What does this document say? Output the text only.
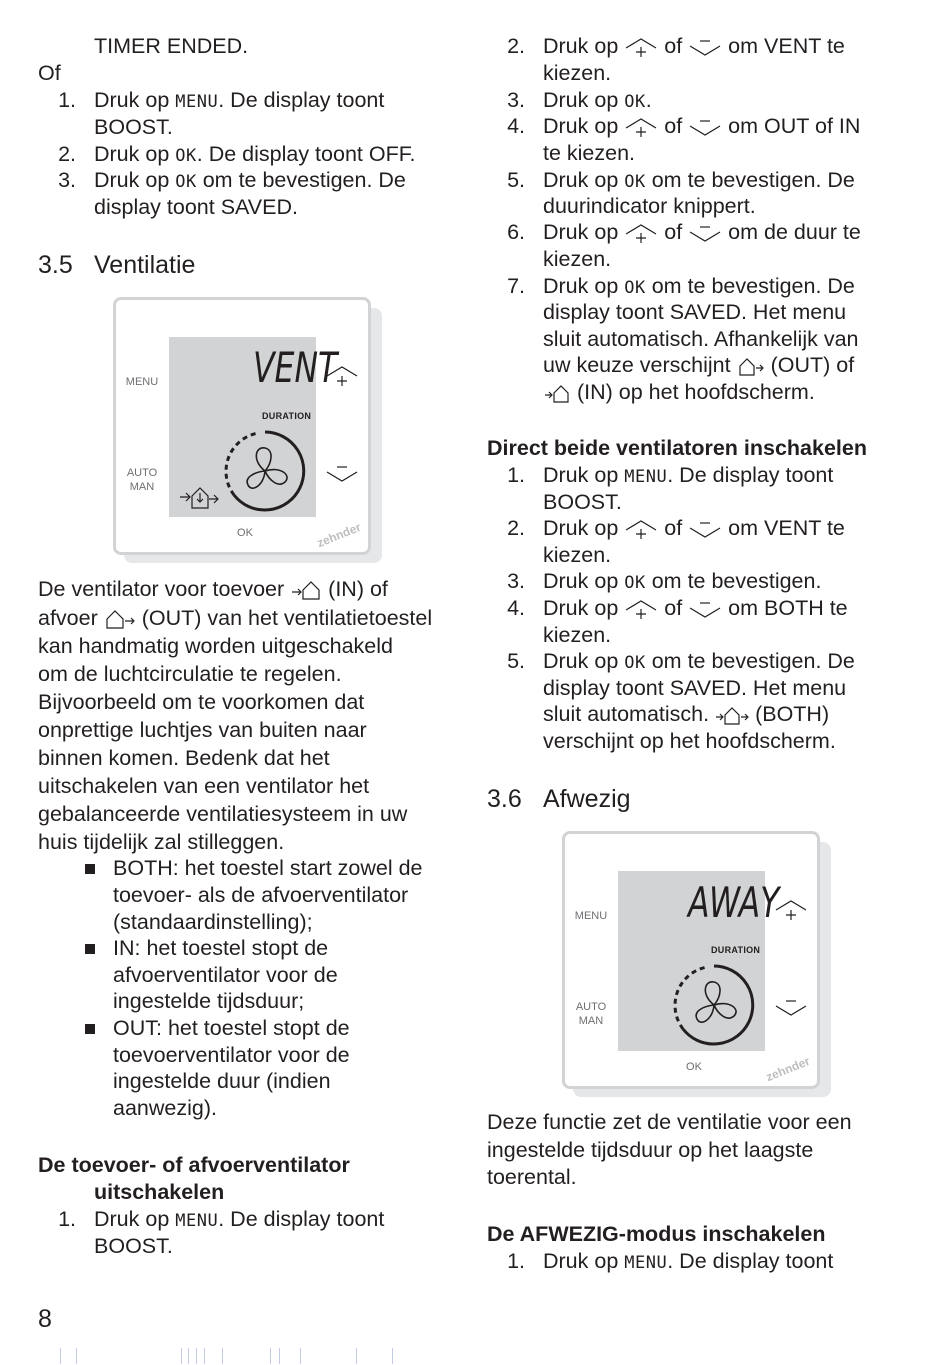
TIMER ENDED.
Of
1. Druk op MENU. De display toont
BOOST.
2. Druk op OK. De display toont OFF.
3. Druk op OK om te bevestigen. De
display toont SAVED.
3.5 Ventilatie
VENT
DURATION
MENU
AUTO
MAN
OK	zehnder
De ventilator voor toevoer (IN) of
afvoer (OUT) van het ventilatietoestel
kan handmatig worden uitgeschakeld
om de luchtcirculatie te regelen.
Bijvoorbeeld om te voorkomen dat
onprettige luchtjes van buiten naar
binnen komen. Bedenk dat het
uitschakelen van een ventilator het
gebalanceerde ventilatiesysteem in uw
huis tijdelijk zal stilleggen.
BOTH: het toestel start zowel de
toevoer- als de afvoerventilator
(standaardinstelling);
IN: het toestel stopt de
afvoerventilator voor de
ingestelde tijdsduur;
OUT: het toestel stopt de
toevoerventilator voor de
ingestelde duur (indien
aanwezig).
De toevoer- of afvoerventilator
uitschakelen
1. Druk op MENU. De display toont
BOOST.
2. Druk op of om VENT te
kiezen.
3. Druk op OK.
4. Druk op of om OUT of IN
te kiezen.
5. Druk op OK om te bevestigen. De
duurindicator knippert.
6. Druk op of om de duur te
kiezen.
7. Druk op OK om te bevestigen. De
display toont SAVED. Het menu
sluit automatisch. Afhankelijk van
uw keuze verschijnt (OUT) of
(IN) op het hoofdscherm.
Direct beide ventilatoren inschakelen
1. Druk op MENU. De display toont
BOOST.
2. Druk op of om VENT te
kiezen.
3. Druk op OK om te bevestigen.
4. Druk op of om BOTH te
kiezen.
5. Druk op OK om te bevestigen. De
display toont SAVED. Het menu
sluit automatisch. (BOTH)
verschijnt op het hoofdscherm.
3.6 Afwezig
AWAY
DURATION
MENU
AUTO
MAN
OK	zehnder
Deze functie zet de ventilatie voor een
ingestelde tijdsduur op het laagste
toerental.
De AFWEZIG-modus inschakelen
1. Druk op MENU. De display toont
8
